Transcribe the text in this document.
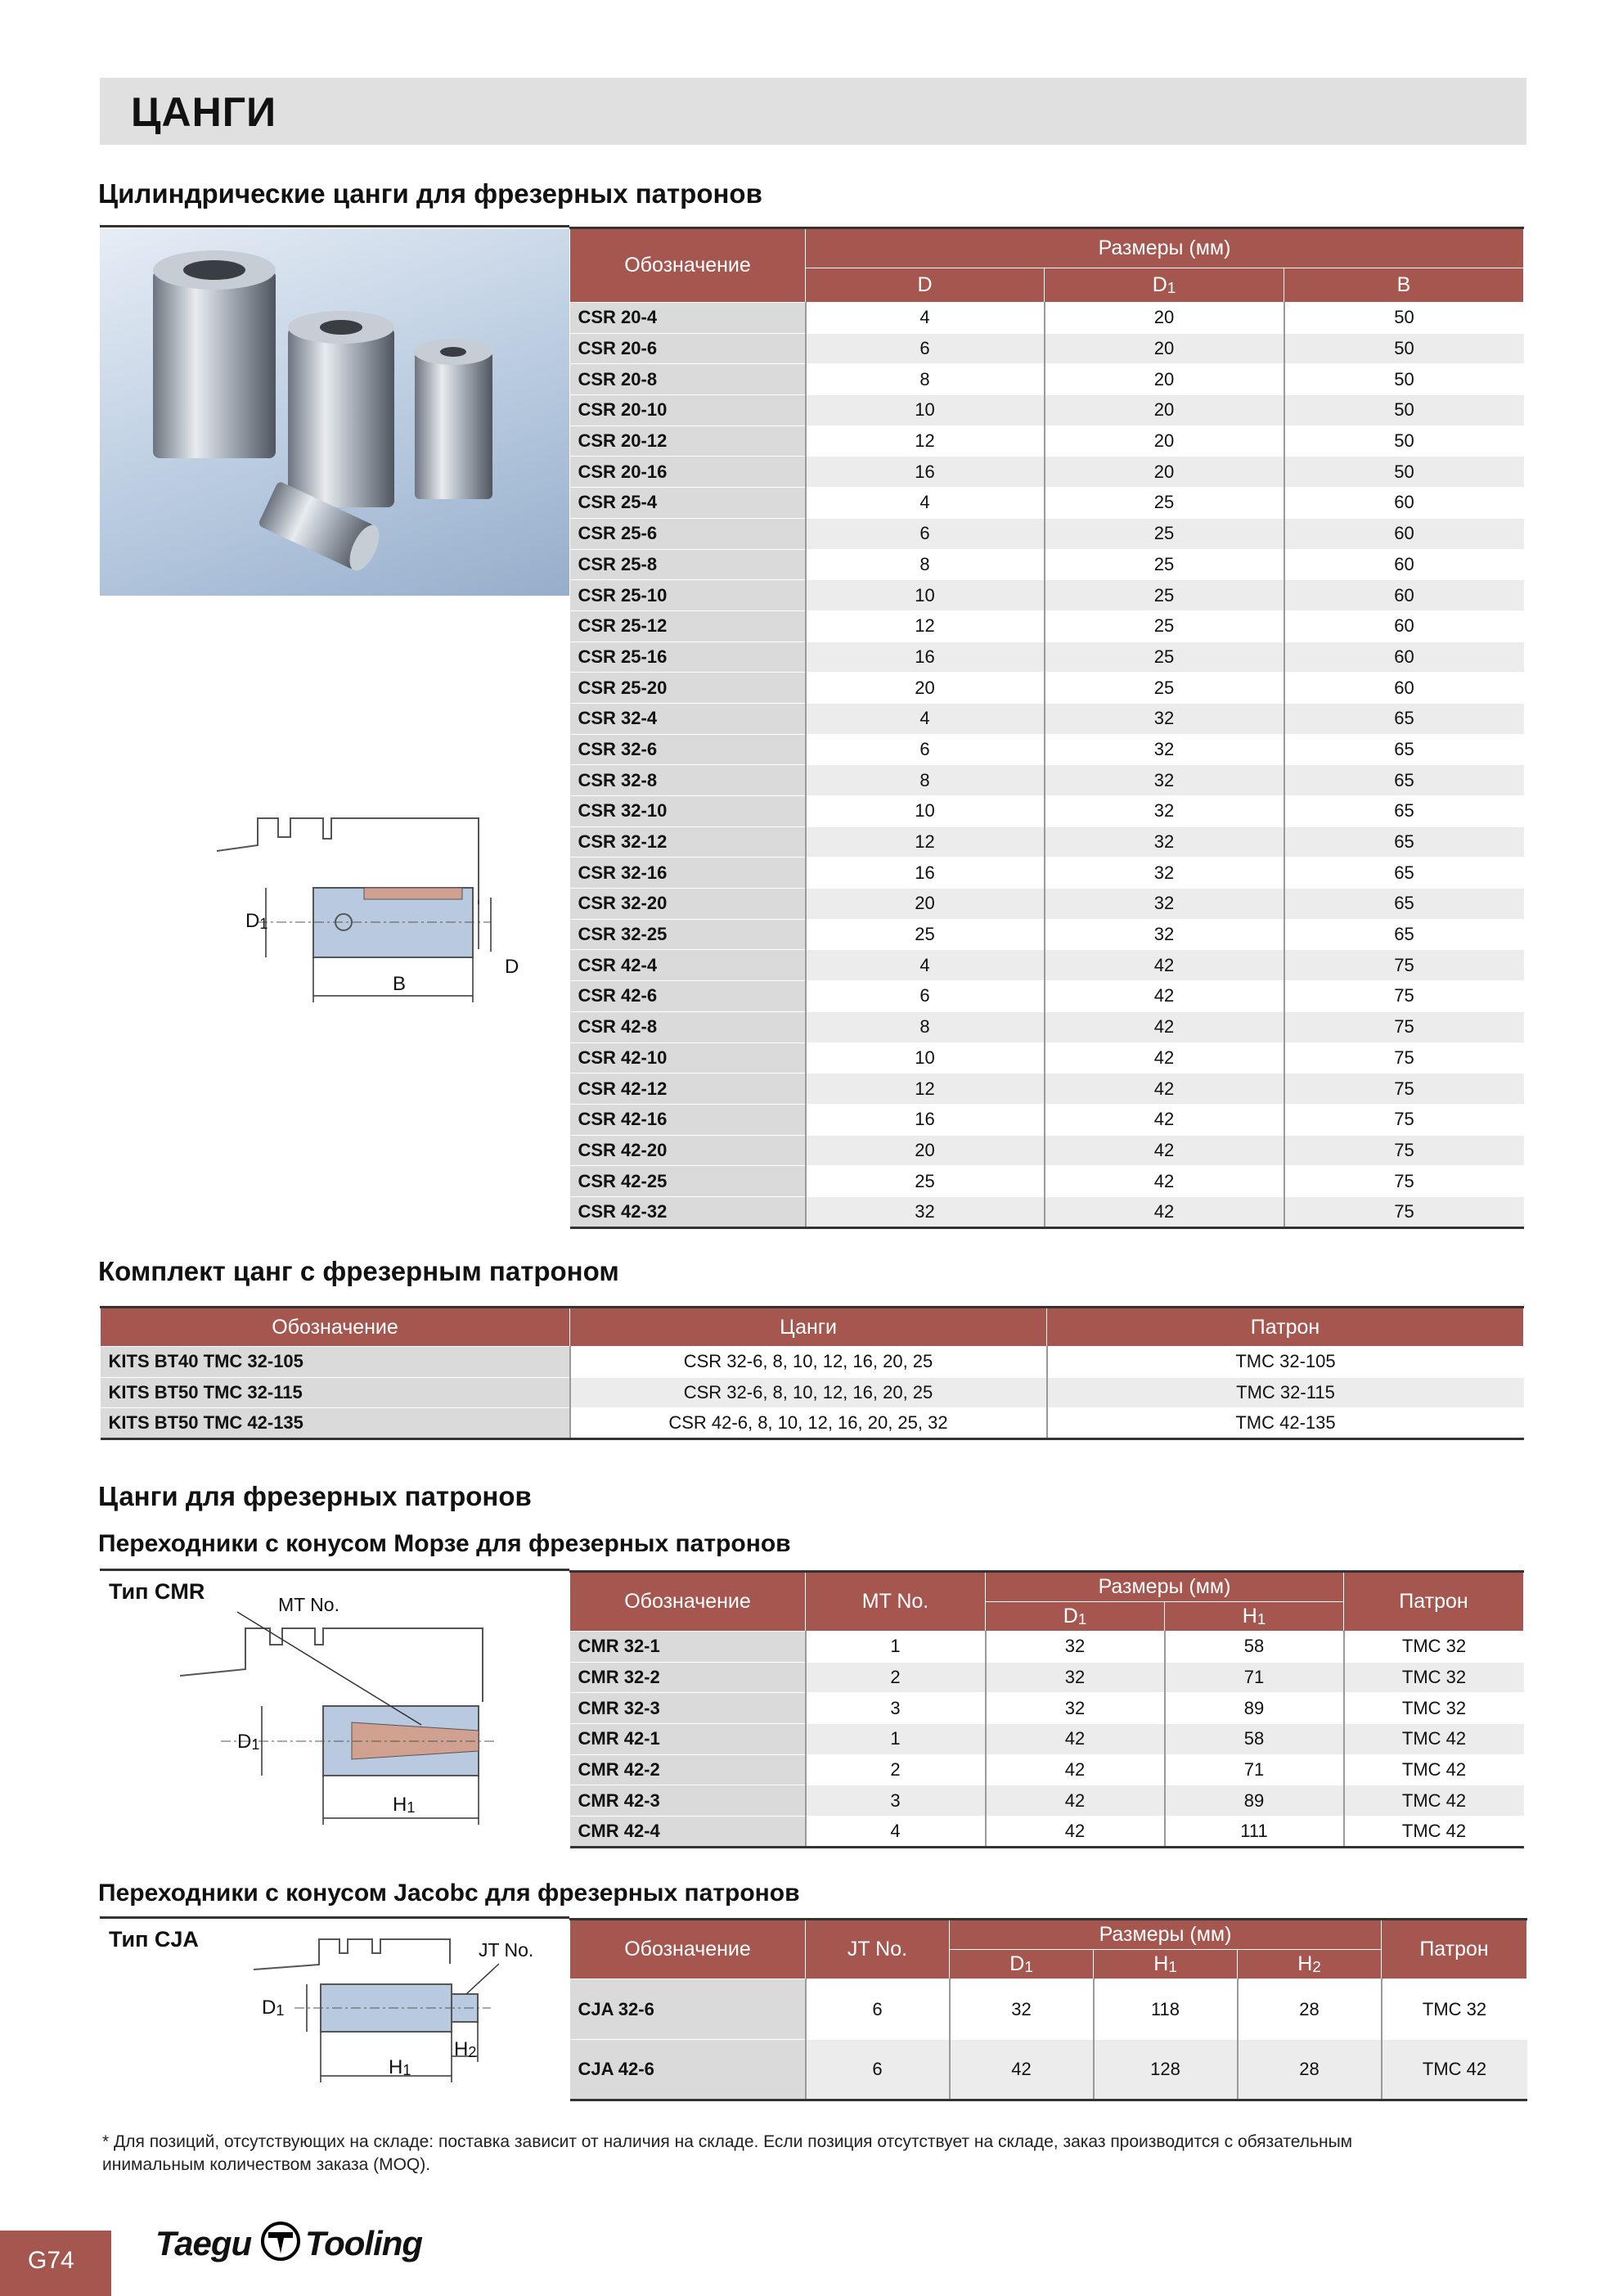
ЦАНГИ
Цилиндрические цанги для фрезерных патронов
$D_1$
D
B
Обозначение	Размеры (мм)		
	D	$D_1$	B
CSR 20-4	4	20	50
CSR 20-6	6	20	50
CSR 20-8	8	20	50
CSR 20-10	10	20	50
CSR 20-12	12	20	50
CSR 20-16	16	20	50
CSR 25-4	4	25	60
CSR 25-6	6	25	60
CSR 25-8	8	25	60
CSR 25-10	10	25	60
CSR 25-12	12	25	60
CSR 25-16	16	25	60
CSR 25-20	20	25	60
CSR 32-4	4	32	65
CSR 32-6	6	32	65
CSR 32-8	8	32	65
CSR 32-10	10	32	65
CSR 32-12	12	32	65
CSR 32-16	16	32	65
CSR 32-20	20	32	65
CSR 32-25	25	32	65
CSR 42-4	4	42	75
CSR 42-6	6	42	75
CSR 42-8	8	42	75
CSR 42-10	10	42	75
CSR 42-12	12	42	75
CSR 42-16	16	42	75
CSR 42-20	20	42	75
CSR 42-25	25	42	75
CSR 42-32	32	42	75
Комплект цанг с фрезерным патроном
Обозначение	Цанги	Патрон
KITS BT40 TMC 32-105	CSR 32-6, 8, 10, 12, 16, 20, 25	TMC 32-105
KITS BT50 TMC 32-115	CSR 32-6, 8, 10, 12, 16, 20, 25	TMC 32-115
KITS BT50 TMC 42-135	CSR 42-6, 8, 10, 12, 16, 20, 25, 32	TMC 42-135
Цанги для фрезерных патронов
Переходники с конусом Морзе для фрезерных патронов
Тип CMR
MT No.
$D_1$
$H_1$
Обозначение	MT No.	Размеры (мм)		Патрон
		$D_1$	$H_1$
CMR 32-1	1	32	58	TMC 32
CMR 32-2	2	32	71	TMC 32
CMR 32-3	3	32	89	TMC 32
CMR 42-1	1	42	58	TMC 42
CMR 42-2	2	42	71	TMC 42
CMR 42-3	3	42	89	TMC 42
CMR 42-4	4	42	111	TMC 42
Переходники с конусом Jacobc для фрезерных патронов
Тип CJA	JT No.
$D_1$
$H_1$
$H_2$
Обозначение	JT No.	Размеры (мм)			Патрон
		$D_1$	$H_1$	$H_2$
CJA 32-6	6	32	118	28	TMC 32
CJA 42-6	6	42	128	28	TMC 42
* Для позиций, отсутствующих на складе: поставка зависит от наличия на складе. Если позиция отсутствует на складе, заказ производится с обязательным
инимальным количеством заказа (MOQ).
G74 Taegu Tooling
